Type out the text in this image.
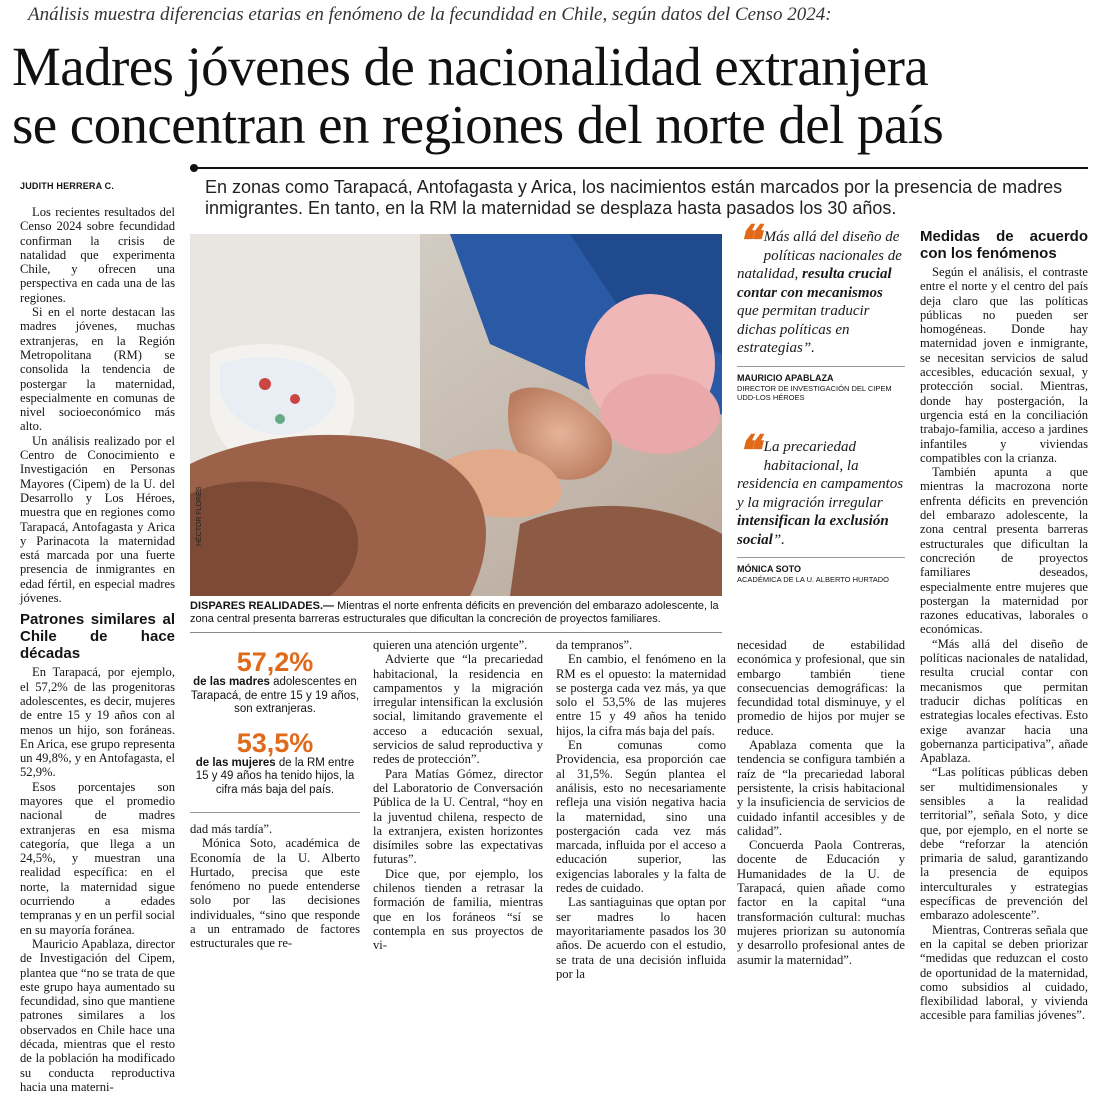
Análisis muestra diferencias etarias en fenómeno de la fecundidad en Chile, según datos del Censo 2024:
Madres jóvenes de nacionalidad extranjera
se concentran en regiones del norte del país
JUDITH HERRERA C.	En zonas como Tarapacá, Antofagasta y Arica, los nacimientos están marcados por la presencia de madres inmigrantes. En tanto, en la RM la maternidad se desplaza hasta pasados los 30 años.

Los recientes resultados del Censo 2024 sobre fecundidad confirman la crisis de natalidad que experimenta Chile, y ofrecen una perspectiva en cada una de las regiones.

Si en el norte destacan las madres jóvenes, muchas extranjeras, en la Región Metropolitana (RM) se consolida la tendencia de postergar la maternidad, especialmente en comunas de nivel socioeconómico más alto.

Un análisis realizado por el Centro de Conocimiento e Investigación en Personas Mayores (Cipem) de la U. del Desarrollo y Los Héroes, muestra que en regiones como Tarapacá, Antofagasta y Arica y Parinacota la maternidad está marcada por una fuerte presencia de inmigrantes en edad fértil, en especial madres jóvenes.

Patrones similares al Chile de hace décadas

En Tarapacá, por ejemplo, el 57,2% de las progenitoras adolescentes, es decir, mujeres de entre 15 y 19 años con al menos un hijo, son foráneas. En Arica, ese grupo representa un 49,8%, y en Antofagasta, el 52,9%.

Esos porcentajes son mayores que el promedio nacional de madres extranjeras en esa misma categoría, que llega a un 24,5%, y muestran una realidad específica: en el norte, la maternidad sigue ocurriendo a edades tempranas y en un perfil social en su mayoría foránea.

Mauricio Apablaza, director de Investigación del Cipem, plantea que “no se trata de que este grupo haya aumentado su fecundidad, sino que mantiene patrones similares a los observados en Chile hace una década, mientras que el resto de la población ha modificado su conducta reproductiva hacia una materni-

HÉCTOR FLORES
DISPARES REALIDADES.— Mientras el norte enfrenta déficits en prevención del embarazo adolescente, la zona central presenta barreras estructurales que dificultan la concreción de proyectos familiares.
57,2%
de las madres adolescentes en Tarapacá, de entre 15 y 19 años, son extranjeras.
53,5%
de las mujeres de la RM entre 15 y 49 años ha tenido hijos, la cifra más baja del país.

dad más tardía”.

Mónica Soto, académica de Economía de la U. Alberto Hurtado, precisa que este fenómeno no puede entenderse solo por las decisiones individuales, “sino que responde a un entramado de factores estructurales que re-

quieren una atención urgente”.

Advierte que “la precariedad habitacional, la residencia en campamentos y la migración irregular intensifican la exclusión social, limitando gravemente el acceso a educación sexual, servicios de salud reproductiva y redes de protección”.

Para Matías Gómez, director del Laboratorio de Conversación Pública de la U. Central, “hoy en la juventud chilena, respecto de la extranjera, existen horizontes disímiles sobre las expectativas futuras”.

Dice que, por ejemplo, los chilenos tienden a retrasar la formación de familia, mientras que en los foráneos “sí se contempla en sus proyectos de vi-

da tempranos”.

En cambio, el fenómeno en la RM es el opuesto: la maternidad se posterga cada vez más, ya que solo el 53,5% de las mujeres entre 15 y 49 años ha tenido hijos, la cifra más baja del país.

En comunas como Providencia, esa proporción cae al 31,5%. Según plantea el análisis, esto no necesariamente refleja una visión negativa hacia la maternidad, sino una postergación cada vez más marcada, influida por el acceso a educación superior, las exigencias laborales y la falta de redes de cuidado.

Las santiaguinas que optan por ser madres lo hacen mayoritariamente pasados los 30 años. De acuerdo con el estudio, se trata de una decisión influida por la

❝ Más allá del diseño de políticas nacionales de natalidad, resulta crucial contar con mecanismos que permitan traducir dichas políticas en estrategias”.
MAURICIO APABLAZA
DIRECTOR DE INVESTIGACIÓN DEL CIPEM
UDD-LOS HÉROES
❝ La precariedad habitacional, la residencia en campamentos y la migración irregular intensifican la exclusión social”.
MÓNICA SOTO
ACADÉMICA DE LA U. ALBERTO HURTADO

necesidad de estabilidad económica y profesional, que sin embargo también tiene consecuencias demográficas: la fecundidad total disminuye, y el promedio de hijos por mujer se reduce.

Apablaza comenta que la tendencia se configura también a raíz de “la precariedad laboral persistente, la crisis habitacional y la insuficiencia de servicios de cuidado infantil accesibles y de calidad”.

Concuerda Paola Contreras, docente de Educación y Humanidades de la U. de Tarapacá, quien añade como factor en la capital “una transformación cultural: muchas mujeres priorizan su autonomía y desarrollo profesional antes de asumir la maternidad”.

Medidas de acuerdo con los fenómenos

Según el análisis, el contraste entre el norte y el centro del país deja claro que las políticas públicas no pueden ser homogéneas. Donde hay maternidad joven e inmigrante, se necesitan servicios de salud accesibles, educación sexual, y protección social. Mientras, donde hay postergación, la urgencia está en la conciliación trabajo-familia, acceso a jardines infantiles y viviendas compatibles con la crianza.

También apunta a que mientras la macrozona norte enfrenta déficits en prevención del embarazo adolescente, la zona central presenta barreras estructurales que dificultan la concreción de proyectos familiares deseados, especialmente entre mujeres que postergan la maternidad por razones educativas, laborales o económicas.

“Más allá del diseño de políticas nacionales de natalidad, resulta crucial contar con mecanismos que permitan traducir dichas políticas en estrategias locales efectivas. Esto exige avanzar hacia una gobernanza participativa”, añade Apablaza.

“Las políticas públicas deben ser multidimensionales y sensibles a la realidad territorial”, señala Soto, y dice que, por ejemplo, en el norte se debe “reforzar la atención primaria de salud, garantizando la presencia de equipos interculturales y estrategias específicas de prevención del embarazo adolescente”.

Mientras, Contreras señala que en la capital se deben priorizar “medidas que reduzcan el costo de oportunidad de la maternidad, como subsidios al cuidado, flexibilidad laboral, y vivienda accesible para familias jóvenes”.
